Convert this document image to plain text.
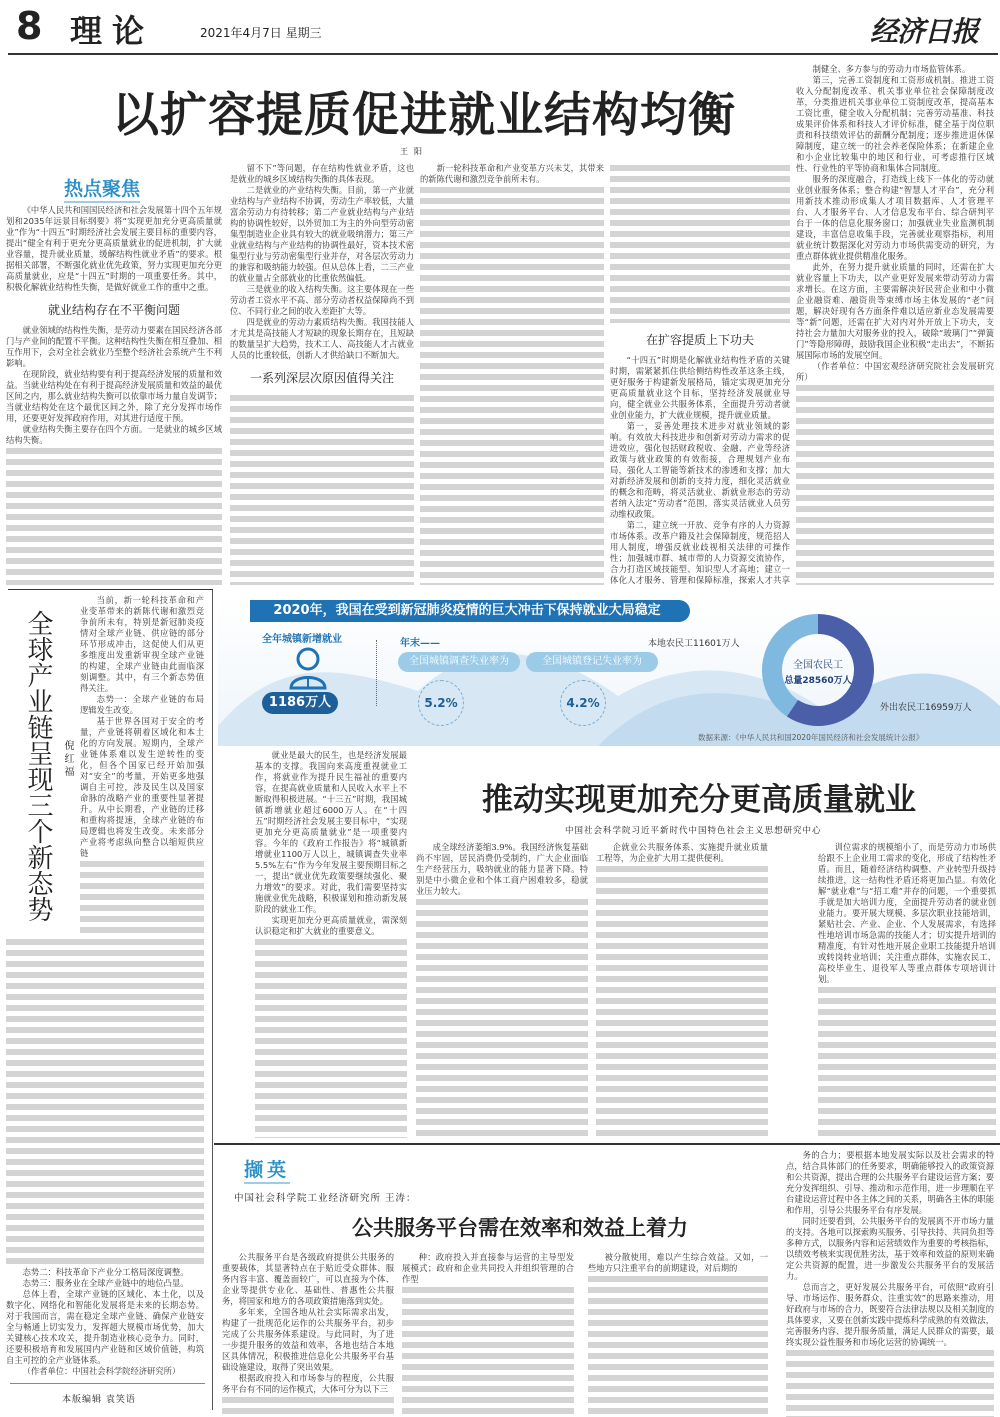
8 理论	2021年4月7日 星期三	经济日报
以扩容提质促进就业结构均衡
王阳
热点聚焦

《中华人民共和国国民经济和社会发展第十四个五年规划和2035年远景目标纲要》将“实现更加充分更高质量就业”作为“十四五”时期经济社会发展主要目标的重要内容，提出“健全有利于更充分更高质量就业的促进机制，扩大就业容量，提升就业质量，缓解结构性就业矛盾”的要求。根据相关部署，不断强化就业优先政策，努力实现更加充分更高质量就业，应是“十四五”时期的一项重要任务。其中，积极化解就业结构性失衡，是做好就业工作的重中之重。

就业结构存在不平衡问题

就业领域的结构性失衡，是劳动力要素在国民经济各部门与产业间的配置不平衡。这种结构性失衡在相互叠加、相互作用下，会对全社会就业乃至整个经济社会系统产生不利影响。

在现阶段，就业结构要有利于提高经济发展的质量和效益。当就业结构处在有利于提高经济发展质量和效益的最优区间之内，那么就业结构失衡可以依靠市场力量自发调节；当就业结构处在这个最优区间之外，除了充分发挥市场作用，还要更好发挥政府作用，对其进行适度干预。

就业结构失衡主要存在四个方面。一是就业的城乡区域结构失衡。

留不下”等问题，存在结构性就业矛盾，这也是就业的城乡区域结构失衡的具体表现。

二是就业的产业结构失衡。目前，第一产业就业结构与产业结构不协调，劳动生产率较低，大量富余劳动力有待转移；第二产业就业结构与产业结构的协调性较好，以外贸加工为主的外向型劳动密集型制造业企业具有较大的就业吸纳潜力；第三产业就业结构与产业结构的协调性最好，资本技术密集型行业与劳动密集型行业并存，对各层次劳动力的兼容和吸纳能力较强。但从总体上看，二三产业的就业量占全部就业的比重依然偏低。

三是就业的收入结构失衡。这主要体现在一些劳动者工资水平不高、部分劳动者权益保障尚不到位、不同行业之间的收入差距扩大等。

四是就业的劳动力素质结构失衡。我国技能人才尤其是高技能人才短缺的现象长期存在，且短缺的数量呈扩大趋势，技术工人、高技能人才占就业人员的比重较低，创新人才供给缺口不断加大。

一系列深层次原因值得关注

新一轮科技革命和产业变革方兴未艾，其带来的新陈代谢和激烈竞争前所未有。

在扩容提质上下功夫

“十四五”时期是化解就业结构性矛盾的关键时期，需紧紧抓住供给侧结构性改革这条主线，更好服务于构建新发展格局，锚定实现更加充分更高质量就业这个目标，坚持经济发展就业导向，健全就业公共服务体系，全面提升劳动者就业创业能力，扩大就业规模，提升就业质量。

第一，妥善处理技术进步对就业领域的影响。有效放大科技进步和创新对劳动力需求的促进效应，强化包括财政税收、金融、产业等经济政策与就业政策的有效衔接，合理规划产业布局，强化人工智能等新技术的渗透和支撑；加大对新经济发展和创新的支持力度，细化灵活就业的概念和范畴，将灵活就业、新就业形态的劳动者纳入法定“劳动者”范围，落实灵活就业人员劳动维权政策。

第二，建立统一开放、竞争有序的人力资源市场体系。改革户籍及社会保障制度，规范招人用人制度，增强反就业歧视相关法律的可操作性；加强城市群、城市带的人力资源交流协作，合力打造区域技能型、知识型人才高地；建立一体化人才服务、管理和保障标准，探索人才共享

制健全、多方参与的劳动力市场监管体系。

第三，完善工资制度和工资形成机制。推进工资收入分配制度改革、机关事业单位社会保障制度改革，分类推进机关事业单位工资制度改革，提高基本工资比重，健全收入分配机制；完善劳动基准、科技成果评价体系和科技人才评价标准，健全基于岗位职责和科技绩效评估的薪酬分配制度；逐步推进退休保障制度，建立统一的社会养老保险体系；在新建企业和小企业比较集中的地区和行业，可考虑推行区域性、行业性的平等协商和集体合同制度。

服务的深度融合，打造线上线下一体化的劳动就业创业服务体系；整合构建“智慧人才平台”，充分利用新技术推动形成集人才项目数据库、人才管理平台、人才服务平台、人才信息发布平台、综合研判平台于一体的信息化服务窗口；加强就业失业监测机制建设，丰富信息收集手段，完善就业观察指标，利用就业统计数据深化对劳动力市场供需变动的研究，为重点群体就业提供精准化服务。

此外，在努力提升就业质量的同时，还需在扩大就业容量上下功夫，以产业更好发展来带动劳动力需求增长。在这方面，主要需解决好民营企业和中小微企业融资难、融资贵等束缚市场主体发展的“老”问题，解决好现有各方面条件难以适应新业态发展需要等“新”问题，还需在扩大对内对外开放上下功夫，支持社会力量加大对服务业的投入，破除“玻璃门”“弹簧门”等隐形障碍，鼓励我国企业积极“走出去”，不断拓展国际市场的发展空间。

（作者单位：中国宏观经济研究院社会发展研究所）

全球产业链呈现三个新态势 倪红福

当前，新一轮科技革命和产业变革带来的新陈代谢和激烈竞争前所未有，特别是新冠肺炎疫情对全球产业链、供应链的部分环节形成冲击，这促使人们从更多维度出发重新审视全球产业链的构建，全球产业链由此面临深刻调整。其中，有三个新态势值得关注。

态势一：全球产业链的布局逻辑发生改变。

基于世界各国对于安全的考量，产业链将朝着区域化和本土化的方向发展。短期内，全球产业链体系难以发生逆转性的变化，但各个国家已经开始加强对“安全”的考量，开始更多地强调自主可控，涉及民生以及国家命脉的战略产业的重要性显著提升。从中长期看，产业链的迁移和重构将提速，全球产业链的布局逻辑也将发生改变。未来部分产业将考虑纵向整合以缩短供应链

态势二：科技革命下产业分工格局深度调整。

态势三：服务业在全球产业链中的地位凸显。

总体上看，全球产业链的区域化、本土化，以及数字化、网络化和智能化发展将是未来的长期态势。对于我国而言，需在稳定全球产业链、确保产业链安全与畅通上切实发力，发挥超大规模市场优势，加大关键核心技术攻关，提升制造业核心竞争力。同时，还要积极培育和发展国内产业链和区域价值链，构筑自主可控的全产业链体系。

（作者单位：中国社会科学院经济研究所）

本版编辑 袁笑语
2020年，我国在受到新冠肺炎疫情的巨大冲击下保持就业大局稳定
全年城镇新增就业
1186万人
年末——
全国城镇调查失业率为	全国城镇登记失业率为
5.2%	4.2%
本地农民工11601万人
全国农民工
总量28560万人
外出农民工16959万人
数据来源：《中华人民共和国2020年国民经济和社会发展统计公报》

就业是最大的民生，也是经济发展最基本的支撑。我国向来高度重视就业工作，将就业作为提升民生福祉的重要内容，在提高就业质量和人民收入水平上不断取得积极进展。“十三五”时期，我国城镇新增就业超过6000万人。在“十四五”时期经济社会发展主要目标中，“实现更加充分更高质量就业”是一项重要内容。今年的《政府工作报告》将“城镇新增就业1100万人以上，城镇调查失业率5.5%左右”作为今年发展主要预期目标之一，提出“就业优先政策要继续强化、聚力增效”的要求。对此，我们需要坚持实施就业优先战略，积极谋划和推动新发展阶段的就业工作。

实现更加充分更高质量就业，需深刻认识稳定和扩大就业的重要意义。

推动实现更加充分更高质量就业
中国社会科学院习近平新时代中国特色社会主义思想研究中心

成全球经济萎缩3.9%。我国经济恢复基础尚不牢固，居民消费仍受制约，广大企业面临生产经营压力，吸纳就业的能力显著下降。特别是中小微企业和个体工商户困难较多，稳就业压力较大。

企就业公共服务体系、实施提升就业质量工程等，为企业扩大用工提供便利。

训位需求的规模缩小了，而是劳动力市场供给跟不上企业用工需求的变化，形成了结构性矛盾。而且，随着经济结构调整、产业转型升级持续推进，这一结构性矛盾还将更加凸显。有效化解“就业难”与“招工难”并存的问题，一个重要抓手就是加大培训力度，全面提升劳动者的就业创业能力。要开展大规模、多层次职业技能培训，紧贴社会、产业、企业、个人发展需求，有选择性地培训市场急需的技能人才；切实提升培训的精准度，有针对性地开展企业职工技能提升培训或转岗转业培训；关注重点群体，实施农民工、高校毕业生、退役军人等重点群体专项培训计划。

撷英
中国社会科学院工业经济研究所 王涛：
公共服务平台需在效率和效益上着力

公共服务平台是各级政府提供公共服务的重要载体，其显著特点在于贴近受众群体、服务内容丰富、覆盖面较广，可以直接为个体、企业等提供专业化、基础性、普惠性公共服务，将国家和地方的各项政策措施落到实处。

多年来，全国各地从社会实际需求出发，构建了一批规范化运作的公共服务平台，初步完成了公共服务体系建设。与此同时，为了进一步提升服务的效益和效率，各地也结合本地区具体情况，积极推进信息化公共服务平台基础设施建设，取得了突出效果。

根据政府投入和市场参与的程度，公共服务平台有不同的运作模式，大体可分为以下三

种：政府投入并直接参与运营的主导型发展模式；政府和企业共同投入并组织管理的合作型

被分散使用，难以产生综合效益。又如，一些地方只注重平台的前期建设，对后期的

务的合力；要根据本地发展实际以及社会需求的特点，结合具体部门的任务要求，明确能够投入的政策资源和公共资源，提出合理的公共服务平台建设运营方案；要充分发挥组织、引导、推动和示范作用，进一步理顺在平台建设运营过程中各主体之间的关系，明确各主体的职能和作用，引导公共服务平台有序发展。

同时还要看到，公共服务平台的发展离不开市场力量的支持。各地可以探索购买服务、引导扶持、共同负担等多种方式，以服务内容和运营绩效作为重要的考核指标，以绩效考核来实现优胜劣汰，基于效率和效益的原则来确定公共资源的配置，进一步激发公共服务平台的发展活力。

总而言之，更好发展公共服务平台，可依照“政府引导、市场运作、服务群众、注重实效”的思路来推动，用好政府与市场的合力，既要符合法律法规以及相关制度的具体要求，又要在创新实践中提炼科学成熟的有效做法，完善服务内容、提升服务质量，满足人民群众的需要，最终实现公益性服务和市场化运营的协调统一。
